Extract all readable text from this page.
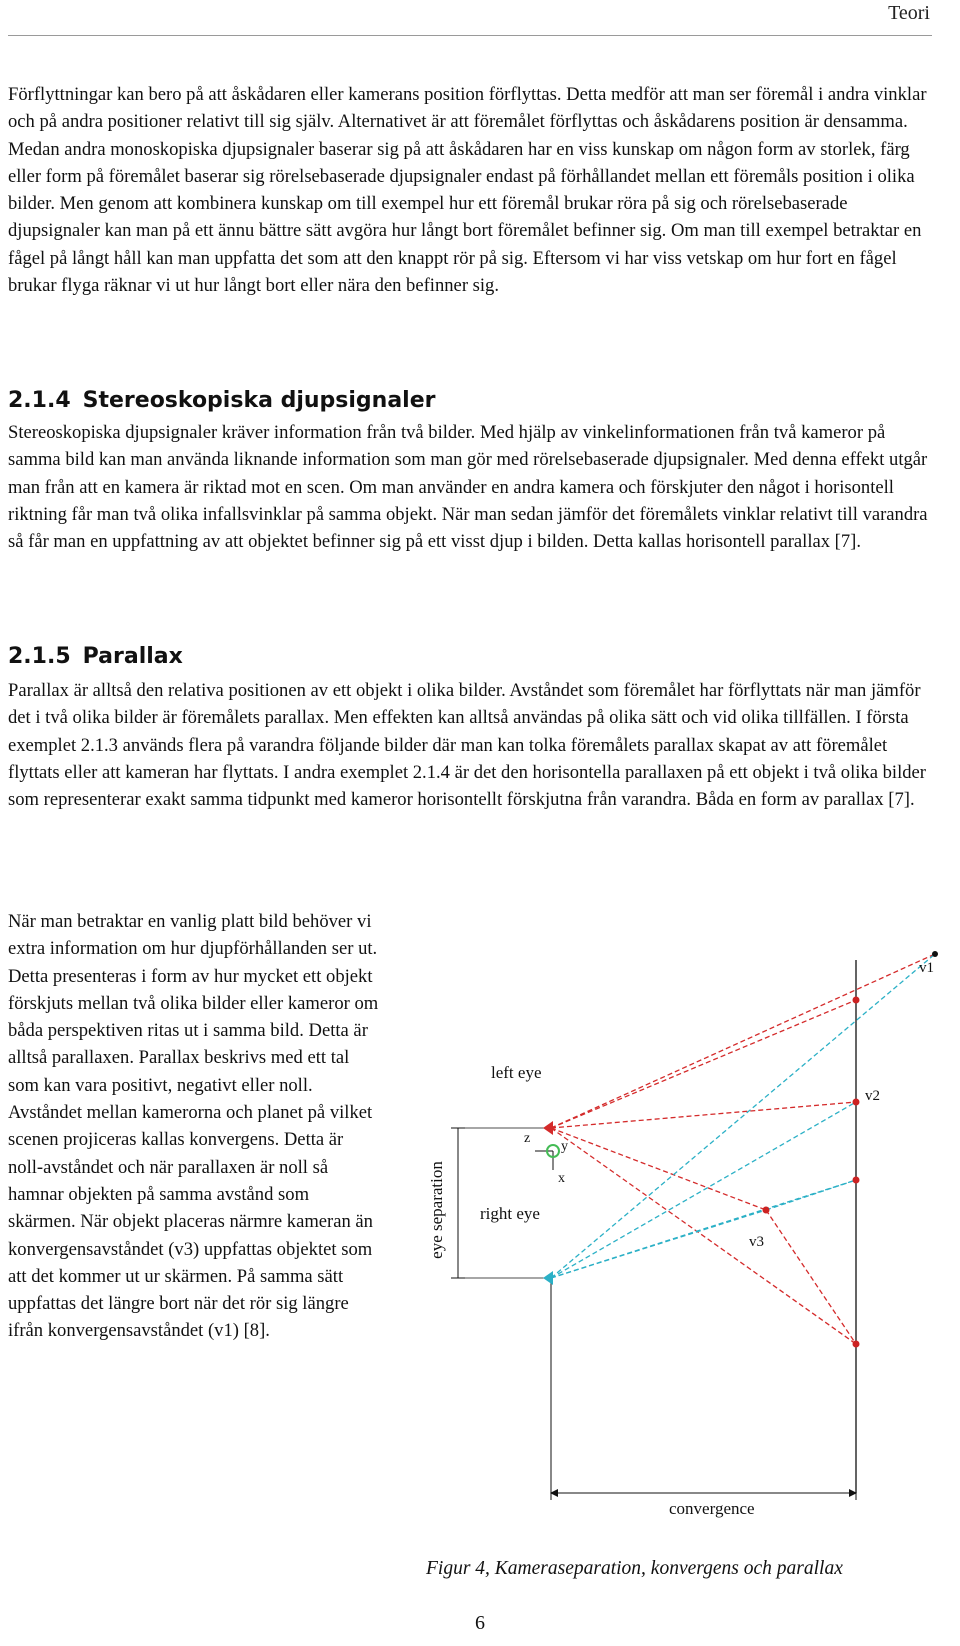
Teori

Förflyttningar kan bero på att åskådaren eller kamerans position förflyttas. Detta medför att man ser föremål i andra vinklar och på andra positioner relativt till sig själv. Alternativet är att föremålet förflyttas och åskådarens position är densamma. Medan andra monoskopiska djupsignaler baserar sig på att åskådaren har en viss kunskap om någon form av storlek, färg eller form på föremålet baserar sig rörelsebaserade djupsignaler endast på förhållandet mellan ett föremåls position i olika bilder. Men genom att kombinera kunskap om till exempel hur ett föremål brukar röra på sig och rörelsebaserade djupsignaler kan man på ett ännu bättre sätt avgöra hur långt bort föremålet befinner sig. Om man till exempel betraktar en fågel på långt håll kan man uppfatta det som att den knappt rör på sig. Eftersom vi har viss vetskap om hur fort en fågel brukar flyga räknar vi ut hur långt bort eller nära den befinner sig.

2.1.4 Stereoskopiska djupsignaler

Stereoskopiska djupsignaler kräver information från två bilder. Med hjälp av vinkelinformationen från två kameror på samma bild kan man använda liknande information som man gör med rörelsebaserade djupsignaler. Med denna effekt utgår man från att en kamera är riktad mot en scen. Om man använder en andra kamera och förskjuter den något i horisontell riktning får man två olika infallsvinklar på samma objekt. När man sedan jämför det föremålets vinklar relativt till varandra så får man en uppfattning av att objektet befinner sig på ett visst djup i bilden. Detta kallas horisontell parallax [7].

2.1.5 Parallax

Parallax är alltså den relativa positionen av ett objekt i olika bilder. Avståndet som föremålet har förflyttats när man jämför det i två olika bilder är föremålets parallax. Men effekten kan alltså användas på olika sätt och vid olika tillfällen. I första exemplet 2.1.3 används flera på varandra följande bilder där man kan tolka föremålets parallax skapat av att föremålet flyttats eller att kameran har flyttats. I andra exemplet 2.1.4 är det den horisontella parallaxen på ett objekt i två olika bilder som representerar exakt samma tidpunkt med kameror horisontellt förskjutna från varandra. Båda en form av parallax [7].

När man betraktar en vanlig platt bild behöver vi extra information om hur djupförhållanden ser ut. Detta presenteras i form av hur mycket ett objekt förskjuts mellan två olika bilder eller kameror om båda perspektiven ritas ut i samma bild. Detta är alltså parallaxen. Parallax beskrivs med ett tal som kan vara positivt, negativt eller noll. Avståndet mellan kamerorna och planet på vilket scenen projiceras kallas konvergens. Detta är noll-avståndet och när parallaxen är noll så hamnar objekten på samma avstånd som skärmen. När objekt placeras närmre kameran än konvergensavståndet (v3) uppfattas objektet som att det kommer ut ur skärmen. På samma sätt uppfattas det längre bort när det rör sig längre ifrån konvergensavståndet (v1) [8].

eye separation
left eye
right eye
z
y
x
convergence
v1
v2
v3

Figur 4, Kameraseparation, konvergens och parallax

6
